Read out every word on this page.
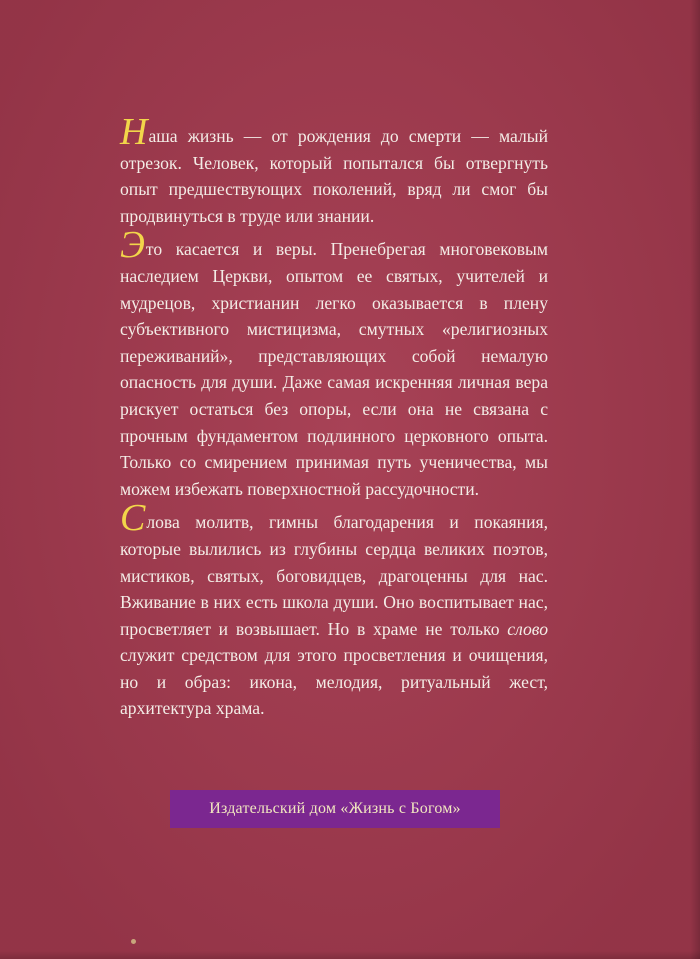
Наша жизнь — от рождения до смерти — малый отрезок. Человек, который попытался бы отвергнуть опыт предшествующих поколений, вряд ли смог бы продвинуться в труде или знании.

Это касается и веры. Пренебрегая многовековым наследием Церкви, опытом ее святых, учителей и мудрецов, христианин легко оказывается в плену субъективного мистицизма, смутных «религиозных переживаний», представляющих собой немалую опасность для души. Даже самая искренняя личная вера рискует остаться без опоры, если она не связана с прочным фундаментом подлинного церковного опыта. Только со смирением принимая путь ученичества, мы можем избежать поверхностной рассудочности.

Слова молитв, гимны благодарения и покаяния, которые вылились из глубины сердца великих поэтов, мистиков, святых, боговидцев, драгоценны для нас. Вживание в них есть школа души. Оно воспитывает нас, просветляет и возвышает. Но в храме не только слово служит средством для этого просветления и очищения, но и образ: икона, мелодия, ритуальный жест, архитектура храма.

Издательский дом «Жизнь с Богом»
